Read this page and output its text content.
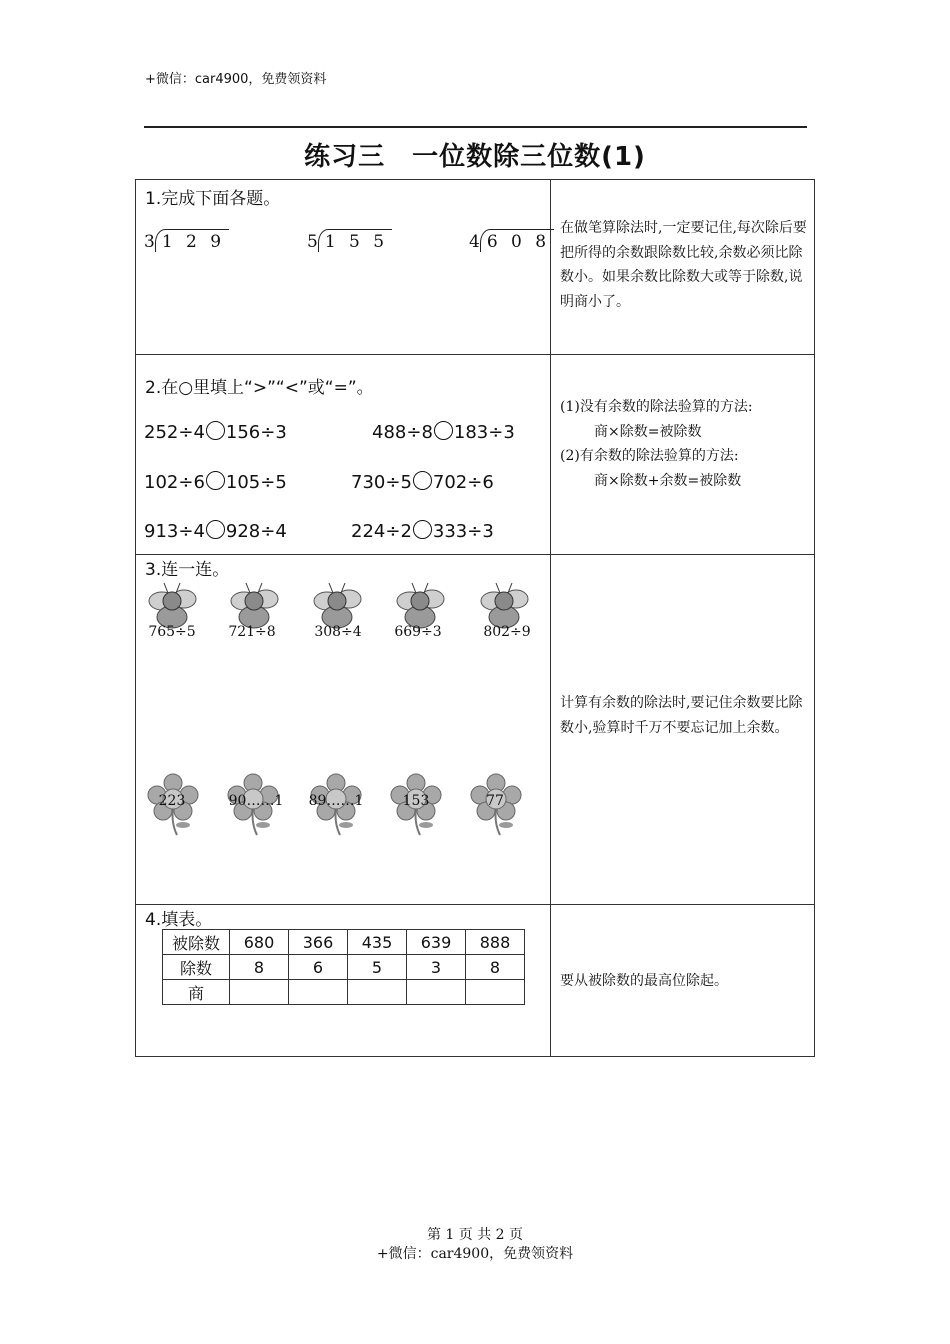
+微信：car4900，免费领资料
练习三　一位数除三位数(1)
1.完成下面各题。
3 1 2 9	5 1 5 5	4 6 0 8
在做笔算除法时,一定要记住,每次除后要把所得的余数跟除数比较,余数必须比除数小。如果余数比除数大或等于除数,说明商小了。
2.在○里填上“>”“<”或“=”。
252÷4 156÷3	488÷8 183÷3
102÷6 105÷5	730÷5 702÷6
913÷4 928÷4	224÷2 333÷3
(1)没有余数的除法验算的方法:
商×除数=被除数
(2)有余数的除法验算的方法:
商×除数+余数=被除数
3.连一连。
765÷5	721÷8	308÷4	669÷3	802÷9
223	90……1	89……1	153	77
计算有余数的除法时,要记住余数要比除数小,验算时千万不要忘记加上余数。
4.填表。
被除数	680	366	435	639	888
除数	8	6	5	3	8
商					
要从被除数的最高位除起。
第 1 页 共 2 页
+微信：car4900，免费领资料
